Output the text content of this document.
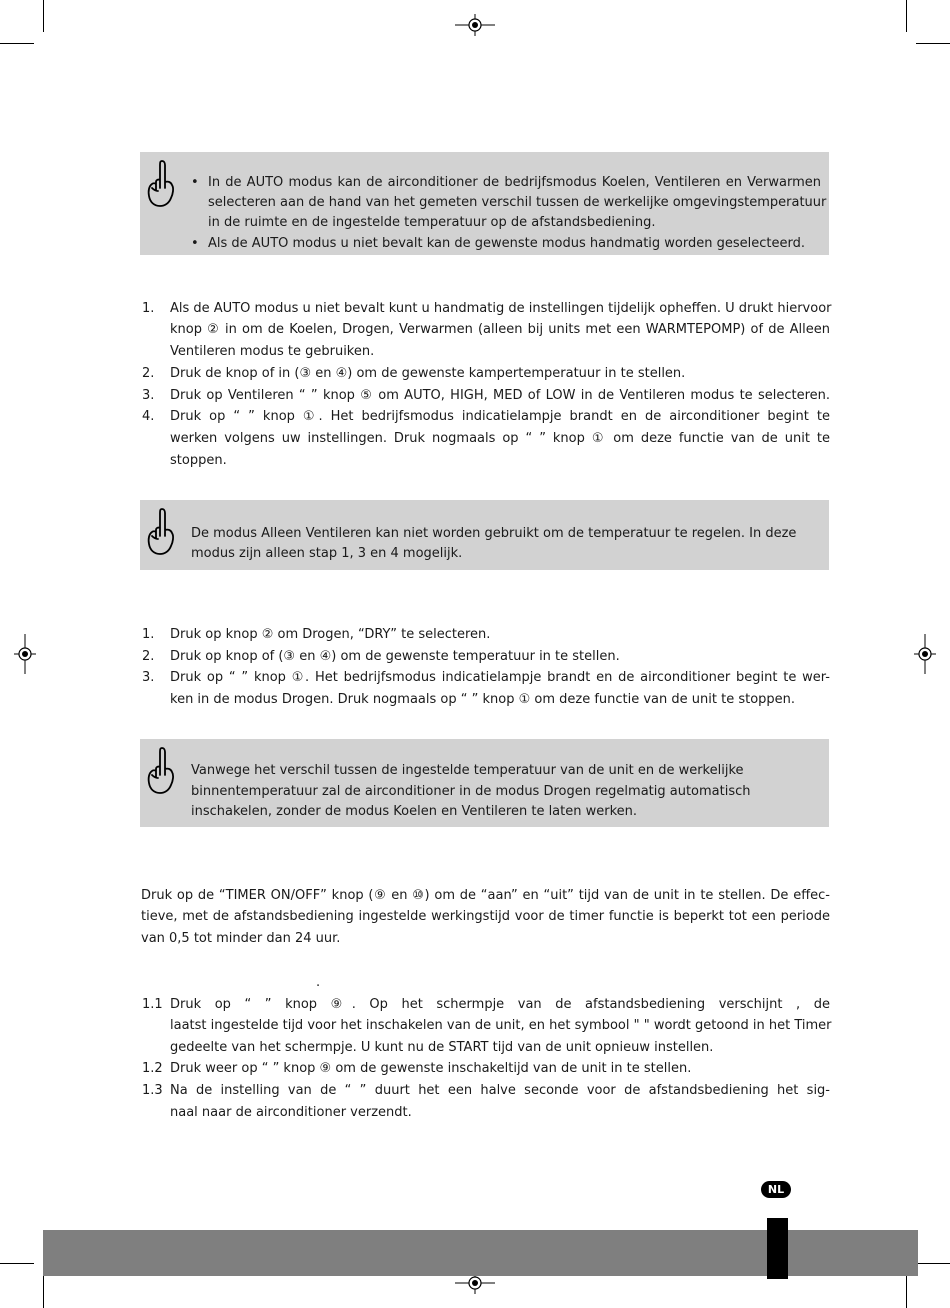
• In de AUTO modus kan de airconditioner de bedrijfsmodus Koelen, Ventileren en Verwarmen
selecteren aan de hand van het gemeten verschil tussen de werkelijke omgevingstemperatuur
in de ruimte en de ingestelde temperatuur op de afstandsbediening.
• Als de AUTO modus u niet bevalt kan de gewenste modus handmatig worden geselecteerd.
1. Als de AUTO modus u niet bevalt kunt u handmatig de instellingen tijdelijk opheffen. U drukt hiervoor
knop ② in om de Koelen, Drogen, Verwarmen (alleen bij units met een WARMTEPOMP) of de Alleen
Ventileren modus te gebruiken.
2. Druk de knop of in (③ en ④) om de gewenste kampertemperatuur in te stellen.
3. Druk op Ventileren “ ” knop ⑤ om AUTO, HIGH, MED of LOW in de Ventileren modus te selecteren.
4. Druk op “ ” knop ①. Het bedrijfsmodus indicatielampje brandt en de airconditioner begint te
werken volgens uw instellingen. Druk nogmaals op “ ” knop ① om deze functie van de unit te
stoppen.
De modus Alleen Ventileren kan niet worden gebruikt om de temperatuur te regelen. In deze
modus zijn alleen stap 1, 3 en 4 mogelijk.
1. Druk op knop ② om Drogen, “DRY” te selecteren.
2. Druk op knop of (③ en ④) om de gewenste temperatuur in te stellen.
3. Druk op “ ” knop ①. Het bedrijfsmodus indicatielampje brandt en de airconditioner begint te wer-
ken in de modus Drogen. Druk nogmaals op “ ” knop ① om deze functie van de unit te stoppen.
Vanwege het verschil tussen de ingestelde temperatuur van de unit en de werkelijke
binnentemperatuur zal de airconditioner in de modus Drogen regelmatig automatisch
inschakelen, zonder de modus Koelen en Ventileren te laten werken.
Druk op de “TIMER ON/OFF” knop (⑨ en ⑩) om de “aan” en “uit” tijd van de unit in te stellen. De effec-
tieve, met de afstandsbediening ingestelde werkingstijd voor de timer functie is beperkt tot een periode
van 0,5 tot minder dan 24 uur.
.
1.1 Druk op “ ” knop ⑨. Op het schermpje van de afstandsbediening verschijnt , de
laatst ingestelde tijd voor het inschakelen van de unit, en het symbool " " wordt getoond in het Timer
gedeelte van het schermpje. U kunt nu de START tijd van de unit opnieuw instellen.
1.2 Druk weer op “ ” knop ⑨ om de gewenste inschakeltijd van de unit in te stellen.
1.3 Na de instelling van de “ ” duurt het een halve seconde voor de afstandsbediening het sig-
naal naar de airconditioner verzendt.
NL
